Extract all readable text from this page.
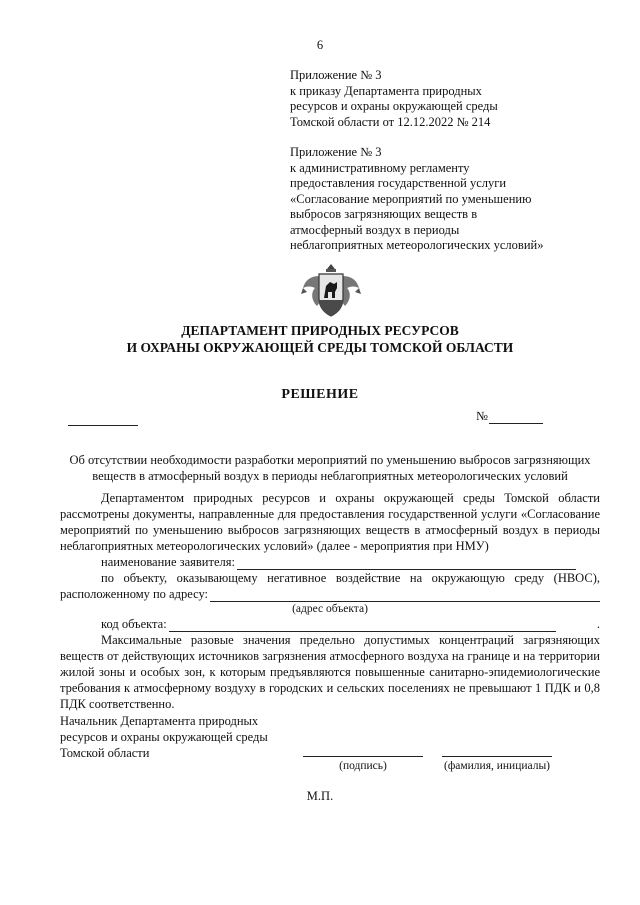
6
Приложение № 3
к приказу Департамента природных
ресурсов и охраны окружающей среды
Томской области от 12.12.2022 № 214
Приложение № 3
к административному регламенту
предоставления государственной услуги
«Согласование мероприятий по уменьшению
выбросов загрязняющих веществ в
атмосферный воздух в периоды
неблагоприятных метеорологических условий»
ДЕПАРТАМЕНТ ПРИРОДНЫХ РЕСУРСОВ
И ОХРАНЫ ОКРУЖАЮЩЕЙ СРЕДЫ ТОМСКОЙ ОБЛАСТИ
РЕШЕНИЕ
№
Об отсутствии необходимости разработки мероприятий по уменьшению выбросов загрязняющих веществ в атмосферный воздух в периоды неблагоприятных метеорологических условий
Департаментом природных ресурсов и охраны окружающей среды Томской области рассмотрены документы, направленные для предоставления государственной услуги «Согласование мероприятий по уменьшению выбросов загрязняющих веществ в атмосферный воздух в периоды неблагоприятных метеорологических условий» (далее - мероприятия при НМУ)
наименование заявителя:
по объекту, оказывающему негативное воздействие на окружающую среду (НВОС),
расположенному по адресу:
(адрес объекта)
код объекта:	.
Максимальные разовые значения предельно допустимых концентраций загрязняющих веществ от действующих источников загрязнения атмосферного воздуха на границе и на территории жилой зоны и особых зон, к которым предъявляются повышенные санитарно-эпидемиологические требования к атмосферному воздуху в городских и сельских поселениях не превышают 1 ПДК и 0,8 ПДК соответственно.
Начальник Департамента природных
ресурсов и охраны окружающей среды
Томской области
(подпись)	(фамилия, инициалы)
М.П.
